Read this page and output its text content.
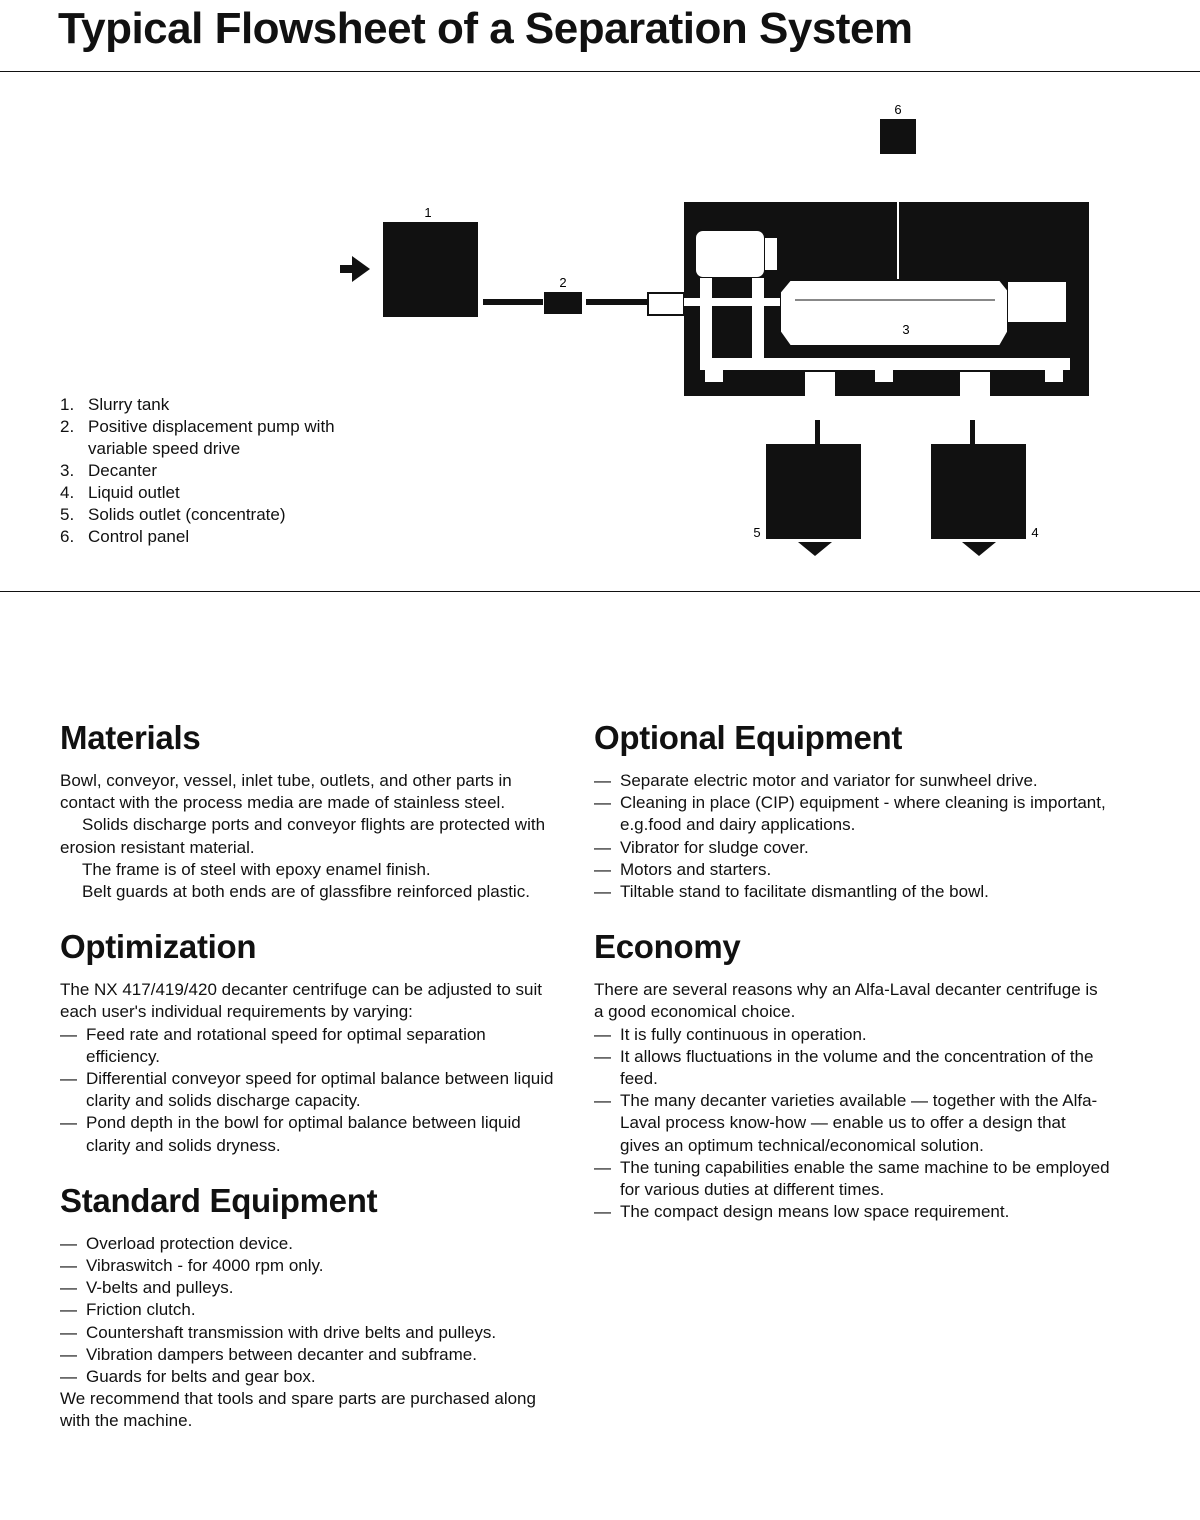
Typical Flowsheet of a Separation System
1
2
6
3
5	4
1. Slurry tank
2. Positive displacement pump with variable speed drive
3. Decanter
4. Liquid outlet
5. Solids outlet (concentrate)
6. Control panel
Materials

Bowl, conveyor, vessel, inlet tube, outlets, and other parts in contact with the process media are made of stainless steel.

Solids discharge ports and conveyor flights are protected with erosion resistant material.

The frame is of steel with epoxy enamel finish.

Belt guards at both ends are of glassfibre reinforced plastic.

Optimization

The NX 417/419/420 decanter centrifuge can be adjusted to suit each user's individual requirements by varying:

— Feed rate and rotational speed for optimal separation efficiency.
— Differential conveyor speed for optimal balance between liquid clarity and solids discharge capacity.
— Pond depth in the bowl for optimal balance between liquid clarity and solids dryness.
Standard Equipment
— Overload protection device.
— Vibraswitch - for 4000 rpm only.
— V-belts and pulleys.
— Friction clutch.
— Countershaft transmission with drive belts and pulleys.
— Vibration dampers between decanter and subframe.
— Guards for belts and gear box.

We recommend that tools and spare parts are purchased along with the machine.

Optional Equipment
— Separate electric motor and variator for sunwheel drive.
— Cleaning in place (CIP) equipment - where cleaning is important, e.g.food and dairy applications.
— Vibrator for sludge cover.
— Motors and starters.
— Tiltable stand to facilitate dismantling of the bowl.
Economy

There are several reasons why an Alfa-Laval decanter centrifuge is a good economical choice.

— It is fully continuous in operation.
— It allows fluctuations in the volume and the concentration of the feed.
— The many decanter varieties available — together with the Alfa-Laval process know-how — enable us to offer a design that gives an optimum technical/economical solution.
— The tuning capabilities enable the same machine to be employed for various duties at different times.
— The compact design means low space requirement.
